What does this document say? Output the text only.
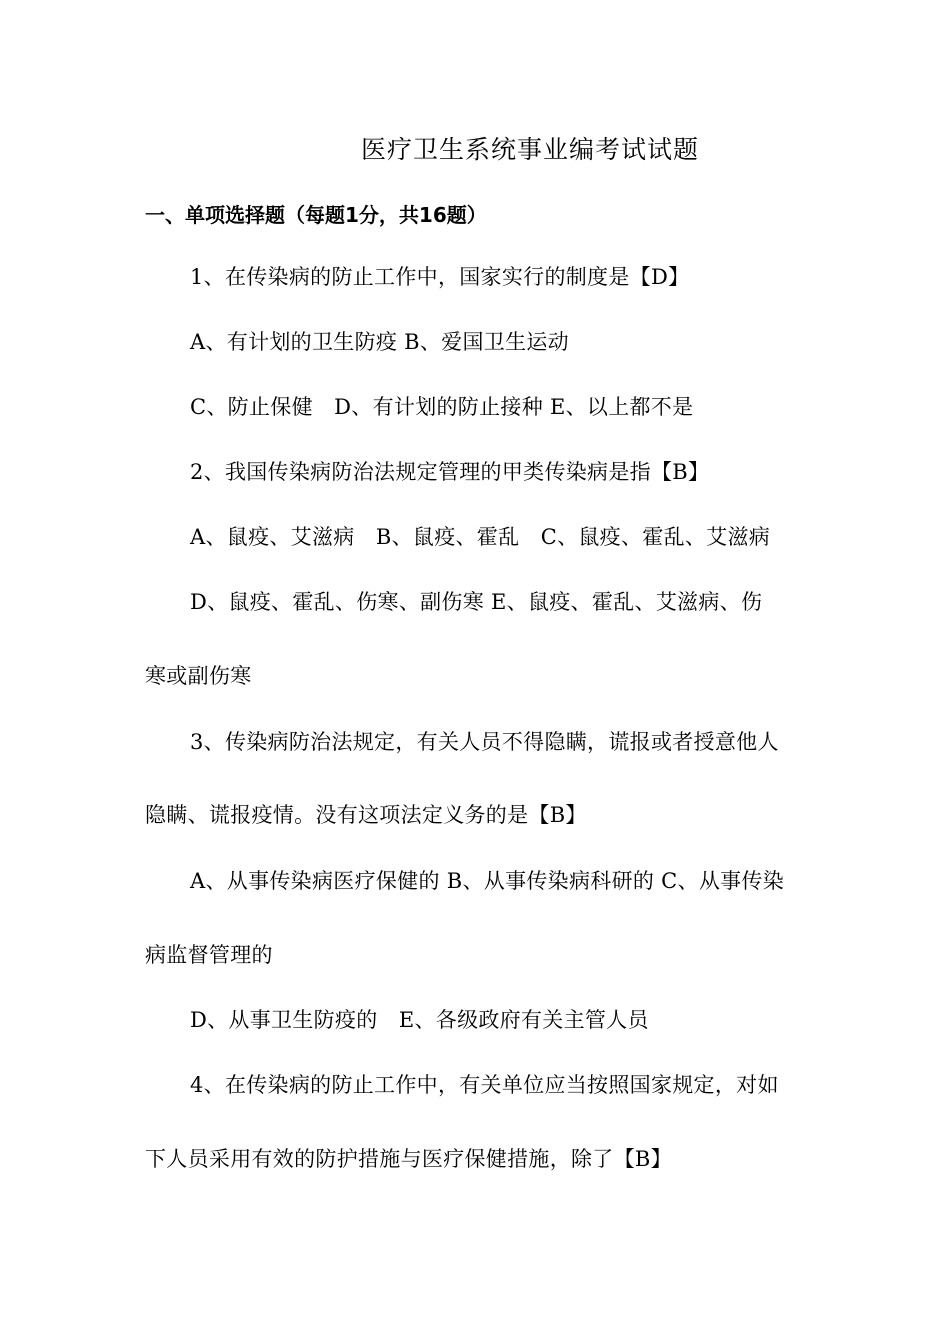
医疗卫生系统事业编考试试题
一、单项选择题（每题1分，共16题）
1、在传染病的防止工作中，国家实行的制度是【D】
A、有计划的卫生防疫 B、爱国卫生运动
C、防止保健　D、有计划的防止接种 E、以上都不是
2、我国传染病防治法规定管理的甲类传染病是指【B】
A、鼠疫、艾滋病　B、鼠疫、霍乱　C、鼠疫、霍乱、艾滋病
D、鼠疫、霍乱、伤寒、副伤寒 E、鼠疫、霍乱、艾滋病、伤
寒或副伤寒
3、传染病防治法规定，有关人员不得隐瞒，谎报或者授意他人
隐瞒、谎报疫情。没有这项法定义务的是【B】
A、从事传染病医疗保健的 B、从事传染病科研的 C、从事传染
病监督管理的
D、从事卫生防疫的　E、各级政府有关主管人员
4、在传染病的防止工作中，有关单位应当按照国家规定，对如
下人员采用有效的防护措施与医疗保健措施，除了【B】
